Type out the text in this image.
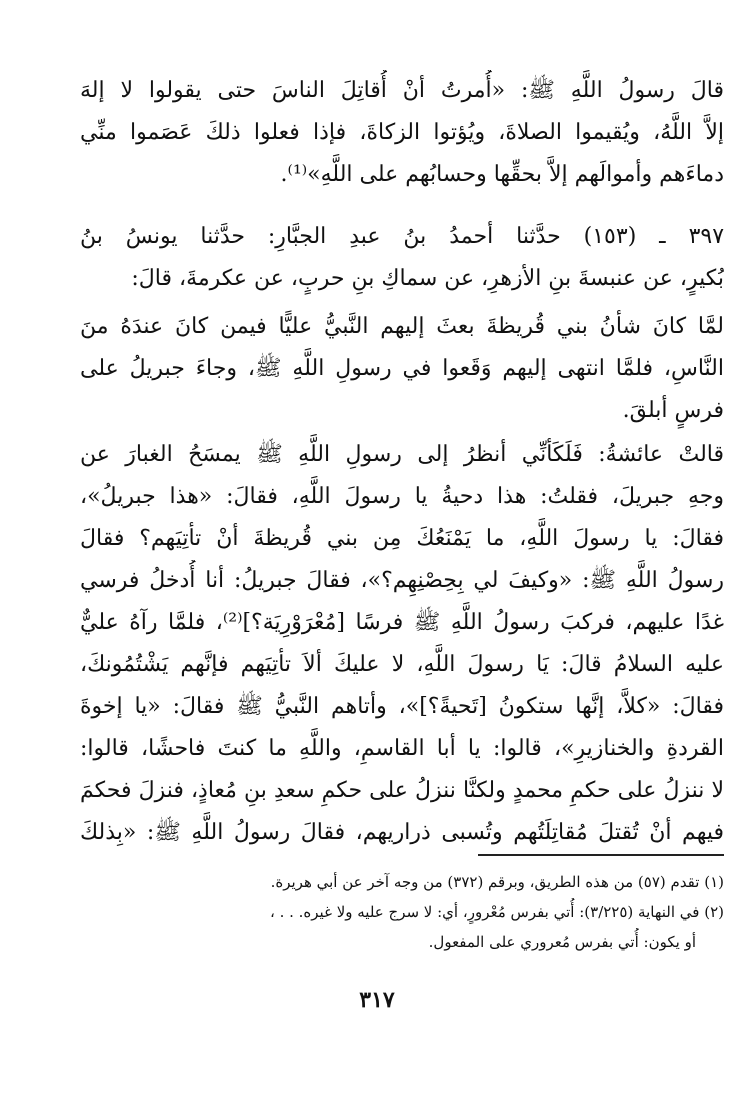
قالَ رسولُ اللَّهِ ﷺ: «أُمرتُ أنْ أُقاتِلَ الناسَ حتى يقولوا لا إلهَ
إلاَّ اللَّهُ، ويُقيموا الصلاةَ، ويُؤتوا الزكاةَ، فإذا فعلوا ذلكَ عَصَموا منِّي
دماءَهم وأموالَهم إلاَّ بحقِّها وحسابُهم على اللَّهِ»⁽¹⁾.
٣٩٧ ـ (١٥٣) حدَّثنا أحمدُ بنُ عبدِ الجبَّارِ: حدَّثنا يونسُ بنُ
بُكيرٍ، عن عنبسةَ بنِ الأزهرِ، عن سماكِ بنِ حربٍ، عن عكرمةَ، قالَ:
لمَّا كانَ شأنُ بني قُريظةَ بعثَ إليهم النَّبيُّ عليًّا فيمن كانَ عندَهُ منَ
النَّاسِ، فلمَّا انتهى إليهم وَقَعوا في رسولِ اللَّهِ ﷺ، وجاءَ جبريلُ على
فرسٍ أبلقَ.
قالتْ عائشةُ: فَلَكَأنِّي أنظرُ إلى رسولِ اللَّهِ ﷺ يمسَحُ الغبارَ عن
وجهِ جبريلَ، فقلتُ: هذا دحيةُ يا رسولَ اللَّهِ، فقالَ: «هذا جبريلُ»،
فقالَ: يا رسولَ اللَّهِ، ما يَمْنَعُكَ مِن بني قُريظةَ أنْ تأتِيَهم؟ فقالَ
رسولُ اللَّهِ ﷺ: «وكيفَ لي بِحِصْنِهِم؟»، فقالَ جبريلُ: أنا أُدخلُ فرسي
غدًا عليهم، فركبَ رسولُ اللَّهِ ﷺ فرسًا [مُعْرَوْرِيَة؟]⁽²⁾، فلمَّا رآهُ عليٌّ
عليه السلامُ قالَ: يَا رسولَ اللَّهِ، لا عليكَ ألاَ تأتِيَهم فإنَّهم يَشْتُمُونكَ،
فقالَ: «كلاَّ، إنَّها ستكونُ [تَحيةً؟]»، وأتاهم النَّبيُّ ﷺ فقالَ: «يا إخوةَ
القردةِ والخنازيرِ»، قالوا: يا أبا القاسمِ، واللَّهِ ما كنتَ فاحشًا، قالوا:
لا ننزلُ على حكمِ محمدٍ ولكنَّا ننزلُ على حكمِ سعدِ بنِ مُعاذٍ، فنزلَ فحكمَ
فيهم أنْ تُقتلَ مُقاتِلَتُهم وتُسبى ذراريهم، فقالَ رسولُ اللَّهِ ﷺ: «بِذلكَ
(١) تقدم (٥٧) من هذه الطريق، وبرقم (٣٧٢) من وجه آخر عن أبي هريرة.
(٢) في النهاية (٣/٢٢٥): أُتي بفرس مُعْرورٍ، أي: لا سرج عليه ولا غيره. . . ،
أو يكون: أُتي بفرس مُعروري على المفعول.
٣١٧
